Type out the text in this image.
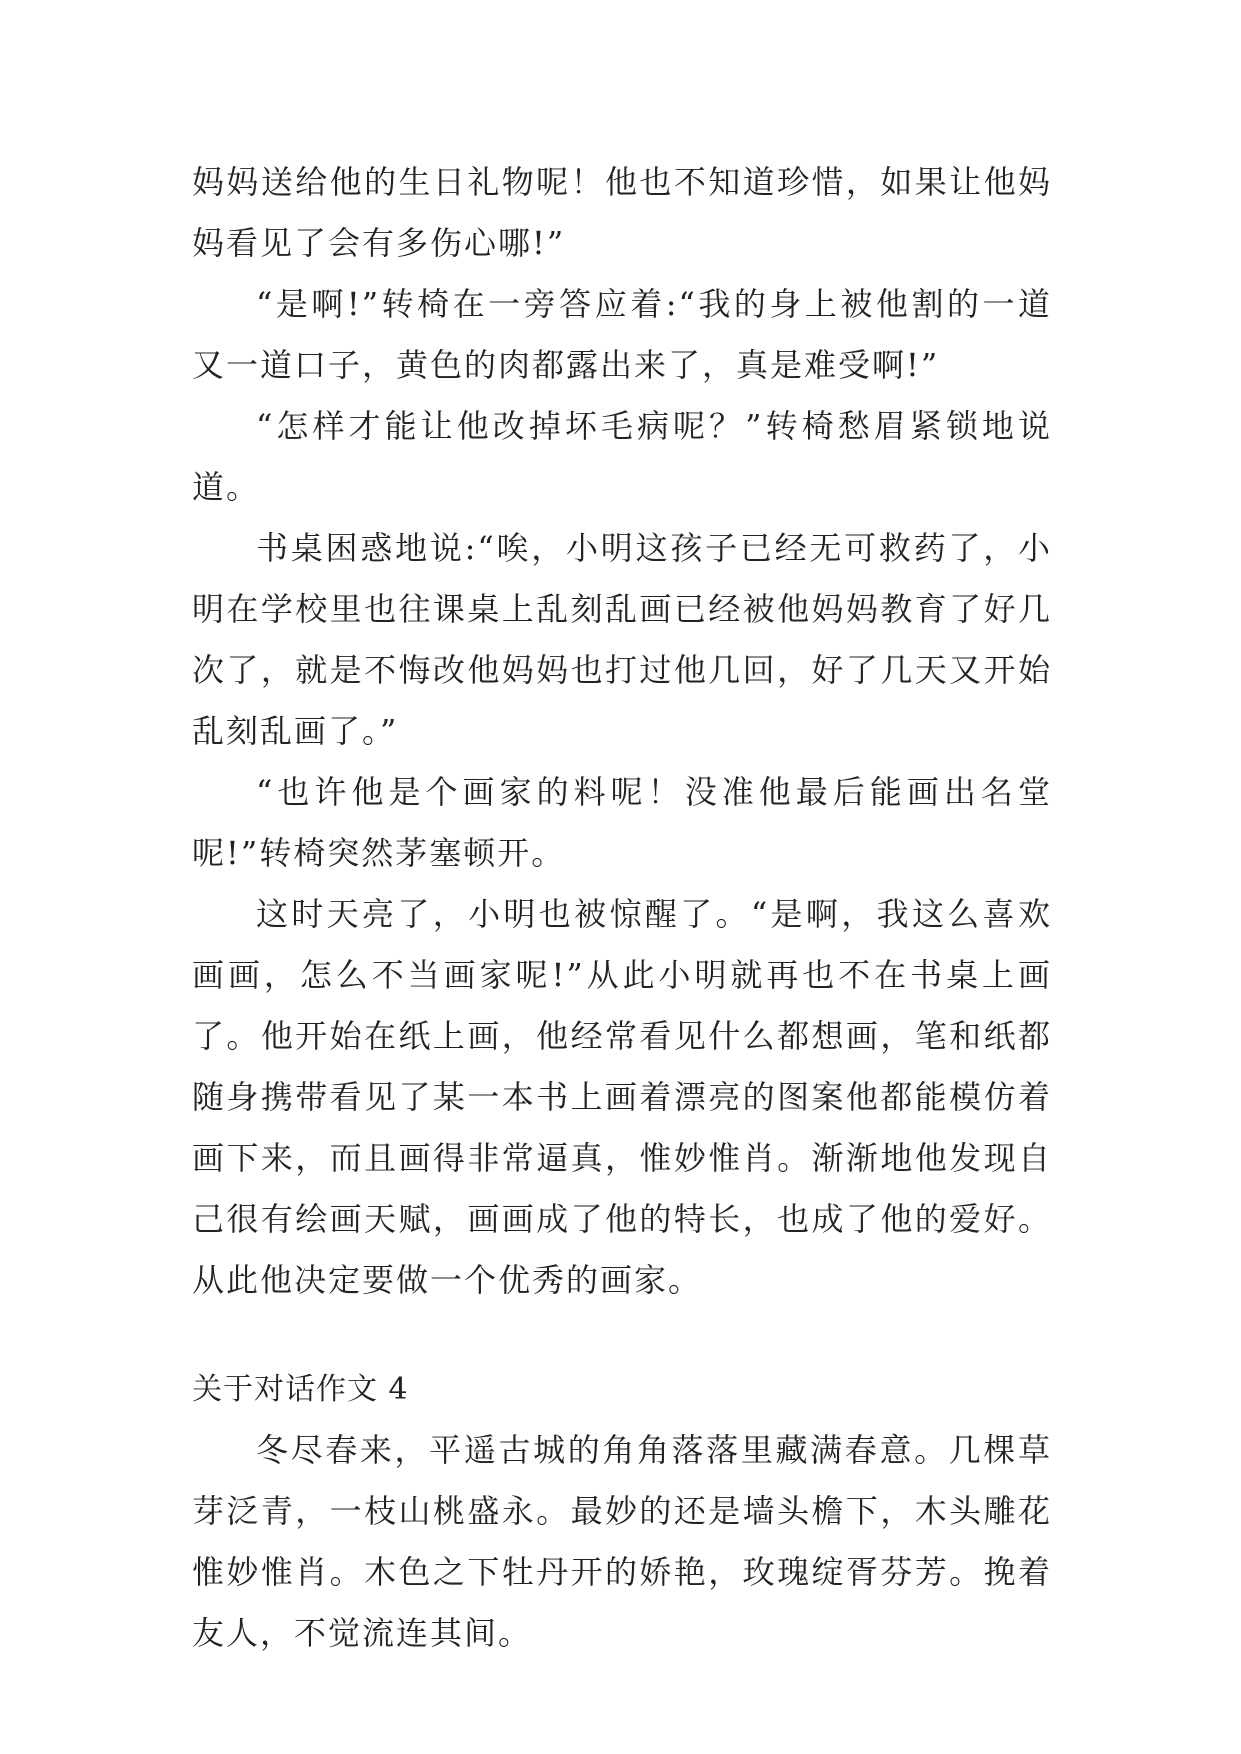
妈妈送给他的生日礼物呢！他也不知道珍惜，如果让他妈妈看见了会有多伤心哪!”

“是啊!”转椅在一旁答应着:“我的身上被他割的一道又一道口子，黄色的肉都露出来了，真是难受啊!”

“怎样才能让他改掉坏毛病呢？”转椅愁眉紧锁地说道。

书桌困惑地说:“唉，小明这孩子已经无可救药了，小明在学校里也往课桌上乱刻乱画已经被他妈妈教育了好几次了，就是不悔改他妈妈也打过他几回，好了几天又开始乱刻乱画了。”

“也许他是个画家的料呢！没准他最后能画出名堂呢!”转椅突然茅塞顿开。

这时天亮了，小明也被惊醒了。“是啊，我这么喜欢画画，怎么不当画家呢!”从此小明就再也不在书桌上画了。他开始在纸上画，他经常看见什么都想画，笔和纸都随身携带看见了某一本书上画着漂亮的图案他都能模仿着画下来，而且画得非常逼真，惟妙惟肖。渐渐地他发现自己很有绘画天赋，画画成了他的特长，也成了他的爱好。从此他决定要做一个优秀的画家。

关于对话作文 4

冬尽春来，平遥古城的角角落落里藏满春意。几棵草芽泛青，一枝山桃盛永。最妙的还是墙头檐下，木头雕花惟妙惟肖。木色之下牡丹开的娇艳，玫瑰绽胥芬芳。挽着友人，不觉流连其间。
